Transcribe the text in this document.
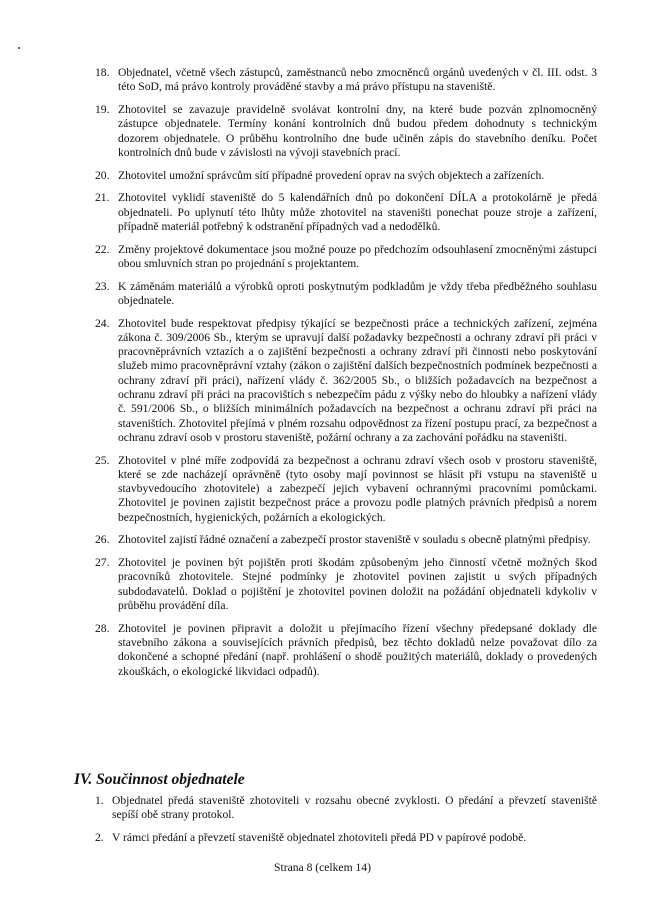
18. Objednatel, včetně všech zástupců, zaměstnanců nebo zmocněnců orgánů uvedených v čl. III. odst. 3 této SoD, má právo kontroly prováděné stavby a má právo přístupu na staveniště.
19. Zhotovitel se zavazuje pravidelně svolávat kontrolní dny, na které bude pozván zplnomocněný zástupce objednatele. Termíny konání kontrolních dnů budou předem dohodnuty s technickým dozorem objednatele. O průběhu kontrolního dne bude učiněn zápis do stavebního deníku. Počet kontrolních dnů bude v závislosti na vývoji stavebních prací.
20. Zhotovitel umožní správcům sítí případné provedení oprav na svých objektech a zařízeních.
21. Zhotovitel vyklidí staveniště do 5 kalendářních dnů po dokončení DÍLA a protokolárně je předá objednateli. Po uplynutí této lhůty může zhotovitel na staveništi ponechat pouze stroje a zařízení, případně materiál potřebný k odstranění případných vad a nedodělků.
22. Změny projektové dokumentace jsou možné pouze po předchozím odsouhlasení zmocněnými zástupci obou smluvních stran po projednání s projektantem.
23. K záměnám materiálů a výrobků oproti poskytnutým podkladům je vždy třeba předběžného souhlasu objednatele.
24. Zhotovitel bude respektovat předpisy týkající se bezpečnosti práce a technických zařízení, zejména zákona č. 309/2006 Sb., kterým se upravují další požadavky bezpečnosti a ochrany zdraví při práci v pracovněprávních vztazích a o zajištění bezpečnosti a ochrany zdraví při činnosti nebo poskytování služeb mimo pracovněprávní vztahy (zákon o zajištění dalších bezpečnostních podmínek bezpečnosti a ochrany zdraví při práci), nařízení vlády č. 362/2005 Sb., o bližších požadavcích na bezpečnost a ochranu zdraví při práci na pracovištích s nebezpečím pádu z výšky nebo do hloubky a nařízení vlády č. 591/2006 Sb., o bližších minimálních požadavcích na bezpečnost a ochranu zdraví při práci na staveništích. Zhotovitel přejímá v plném rozsahu odpovědnost za řízení postupu prací, za bezpečnost a ochranu zdraví osob v prostoru staveniště, požární ochrany a za zachování pořádku na staveništi.
25. Zhotovitel v plné míře zodpovídá za bezpečnost a ochranu zdraví všech osob v prostoru staveniště, které se zde nacházejí oprávněně (tyto osoby mají povinnost se hlásit při vstupu na staveniště u stavbyvedoucího zhotovitele) a zabezpečí jejich vybavení ochrannými pracovními pomůckami. Zhotovitel je povinen zajistit bezpečnost práce a provozu podle platných právních předpisů a norem bezpečnostních, hygienických, požárních a ekologických.
26. Zhotovitel zajistí řádné označení a zabezpečí prostor staveniště v souladu s obecně platnými předpisy.
27. Zhotovitel je povinen být pojištěn proti škodám způsobeným jeho činností včetně možných škod pracovníků zhotovitele. Stejné podmínky je zhotovitel povinen zajistit u svých případných subdodavatelů. Doklad o pojištění je zhotovitel povinen doložit na požádání objednateli kdykoliv v průběhu provádění díla.
28. Zhotovitel je povinen připravit a doložit u přejímacího řízení všechny předepsané doklady dle stavebního zákona a souvisejících právních předpisů, bez těchto dokladů nelze považovat dílo za dokončené a schopné předání (např. prohlášení o shodě použitých materiálů, doklady o provedených zkouškách, o ekologické likvidaci odpadů).
IV. Součinnost objednatele
1. Objednatel předá staveniště zhotoviteli v rozsahu obecné zvyklosti. O předání a převzetí staveniště sepíší obě strany protokol.
2. V rámci předání a převzetí staveniště objednatel zhotoviteli předá PD v papírové podobě.
Strana 8 (celkem 14)
